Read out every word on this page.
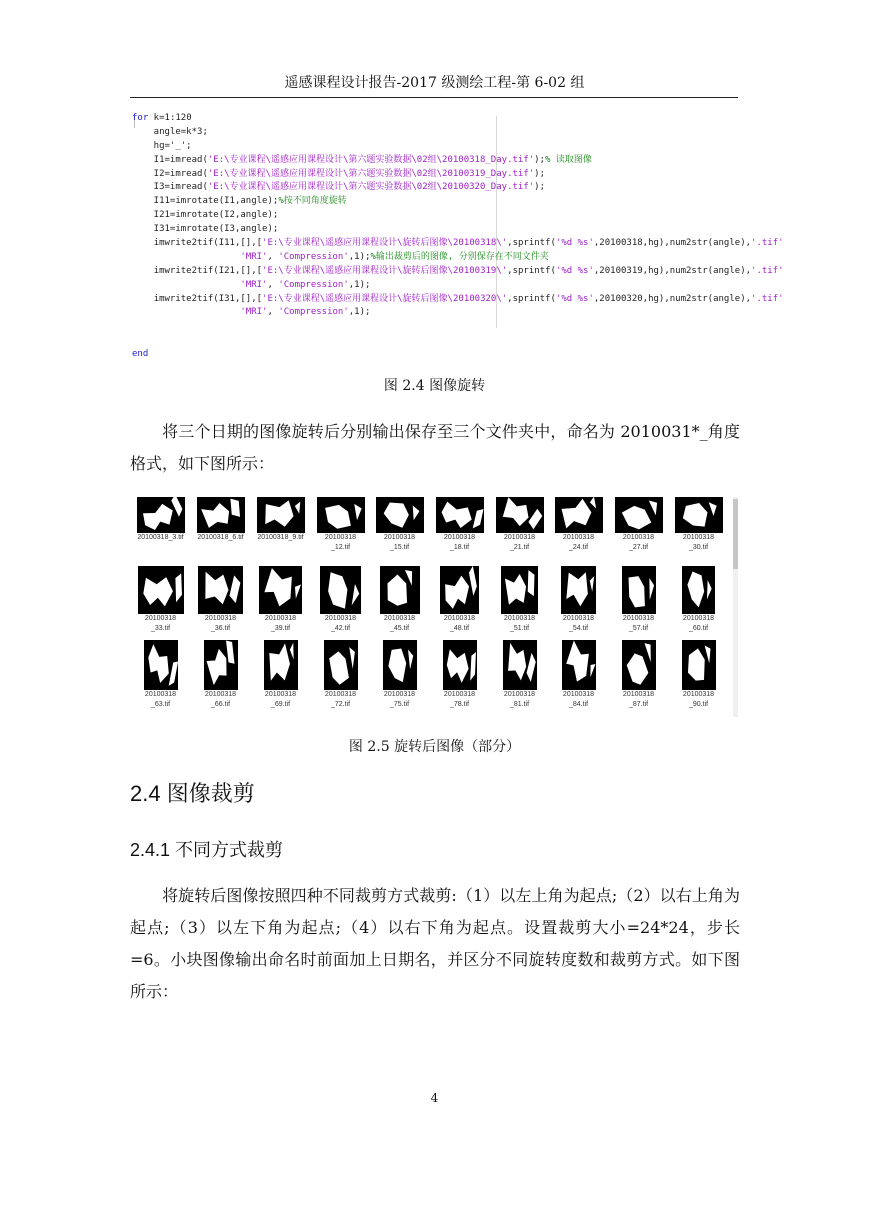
遥感课程设计报告-2017 级测绘工程-第 6-02 组
for k=1:120
angle=k*3;
hg='_';
I1=imread('E:\专业课程\遥感应用课程设计\第六题实验数据\02组\20100318_Day.tif');% 读取图像
I2=imread('E:\专业课程\遥感应用课程设计\第六题实验数据\02组\20100319_Day.tif');
I3=imread('E:\专业课程\遥感应用课程设计\第六题实验数据\02组\20100320_Day.tif');
I11=imrotate(I1,angle);%按不同角度旋转
I21=imrotate(I2,angle);
I31=imrotate(I3,angle);
imwrite2tif(I11,[],['E:\专业课程\遥感应用课程设计\旋转后图像\20100318\',sprintf('%d %s',20100318,hg),num2str(angle),'.tif'
'MRI', 'Compression',1);%输出裁剪后的图像, 分别保存在不同文件夹
imwrite2tif(I21,[],['E:\专业课程\遥感应用课程设计\旋转后图像\20100319\',sprintf('%d %s',20100319,hg),num2str(angle),'.tif'
'MRI', 'Compression',1);
imwrite2tif(I31,[],['E:\专业课程\遥感应用课程设计\旋转后图像\20100320\',sprintf('%d %s',20100320,hg),num2str(angle),'.tif'
'MRI', 'Compression',1);
end
图 2.4 图像旋转
将三个日期的图像旋转后分别输出保存至三个文件夹中，命名为 2010031*_角度格式，如下图所示：
20100318_3.tif	20100318_6.tif	20100318_9.tif	20100318
_12.tif
20100318
_15.tif
20100318
_18.tif
20100318
_21.tif
20100318
_24.tif
20100318
_27.tif
20100318
_30.tif
20100318
_33.tif
20100318
_36.tif
20100318
_39.tif
20100318
_42.tif
20100318
_45.tif
20100318
_48.tif
20100318
_51.tif
20100318
_54.tif
20100318
_57.tif
20100318
_60.tif
20100318
_63.tif
20100318
_66.tif
20100318
_69.tif
20100318
_72.tif
20100318
_75.tif
20100318
_78.tif
20100318
_81.tif
20100318
_84.tif
20100318
_87.tif
20100318
_90.tif
图 2.5 旋转后图像（部分）
2.4 图像裁剪
2.4.1 不同方式裁剪
将旋转后图像按照四种不同裁剪方式裁剪:（1）以左上角为起点;（2）以右上角为起点;（3）以左下角为起点;（4）以右下角为起点。设置裁剪大小=24*24，步长=6。小块图像输出命名时前面加上日期名，并区分不同旋转度数和裁剪方式。如下图所示：
4
